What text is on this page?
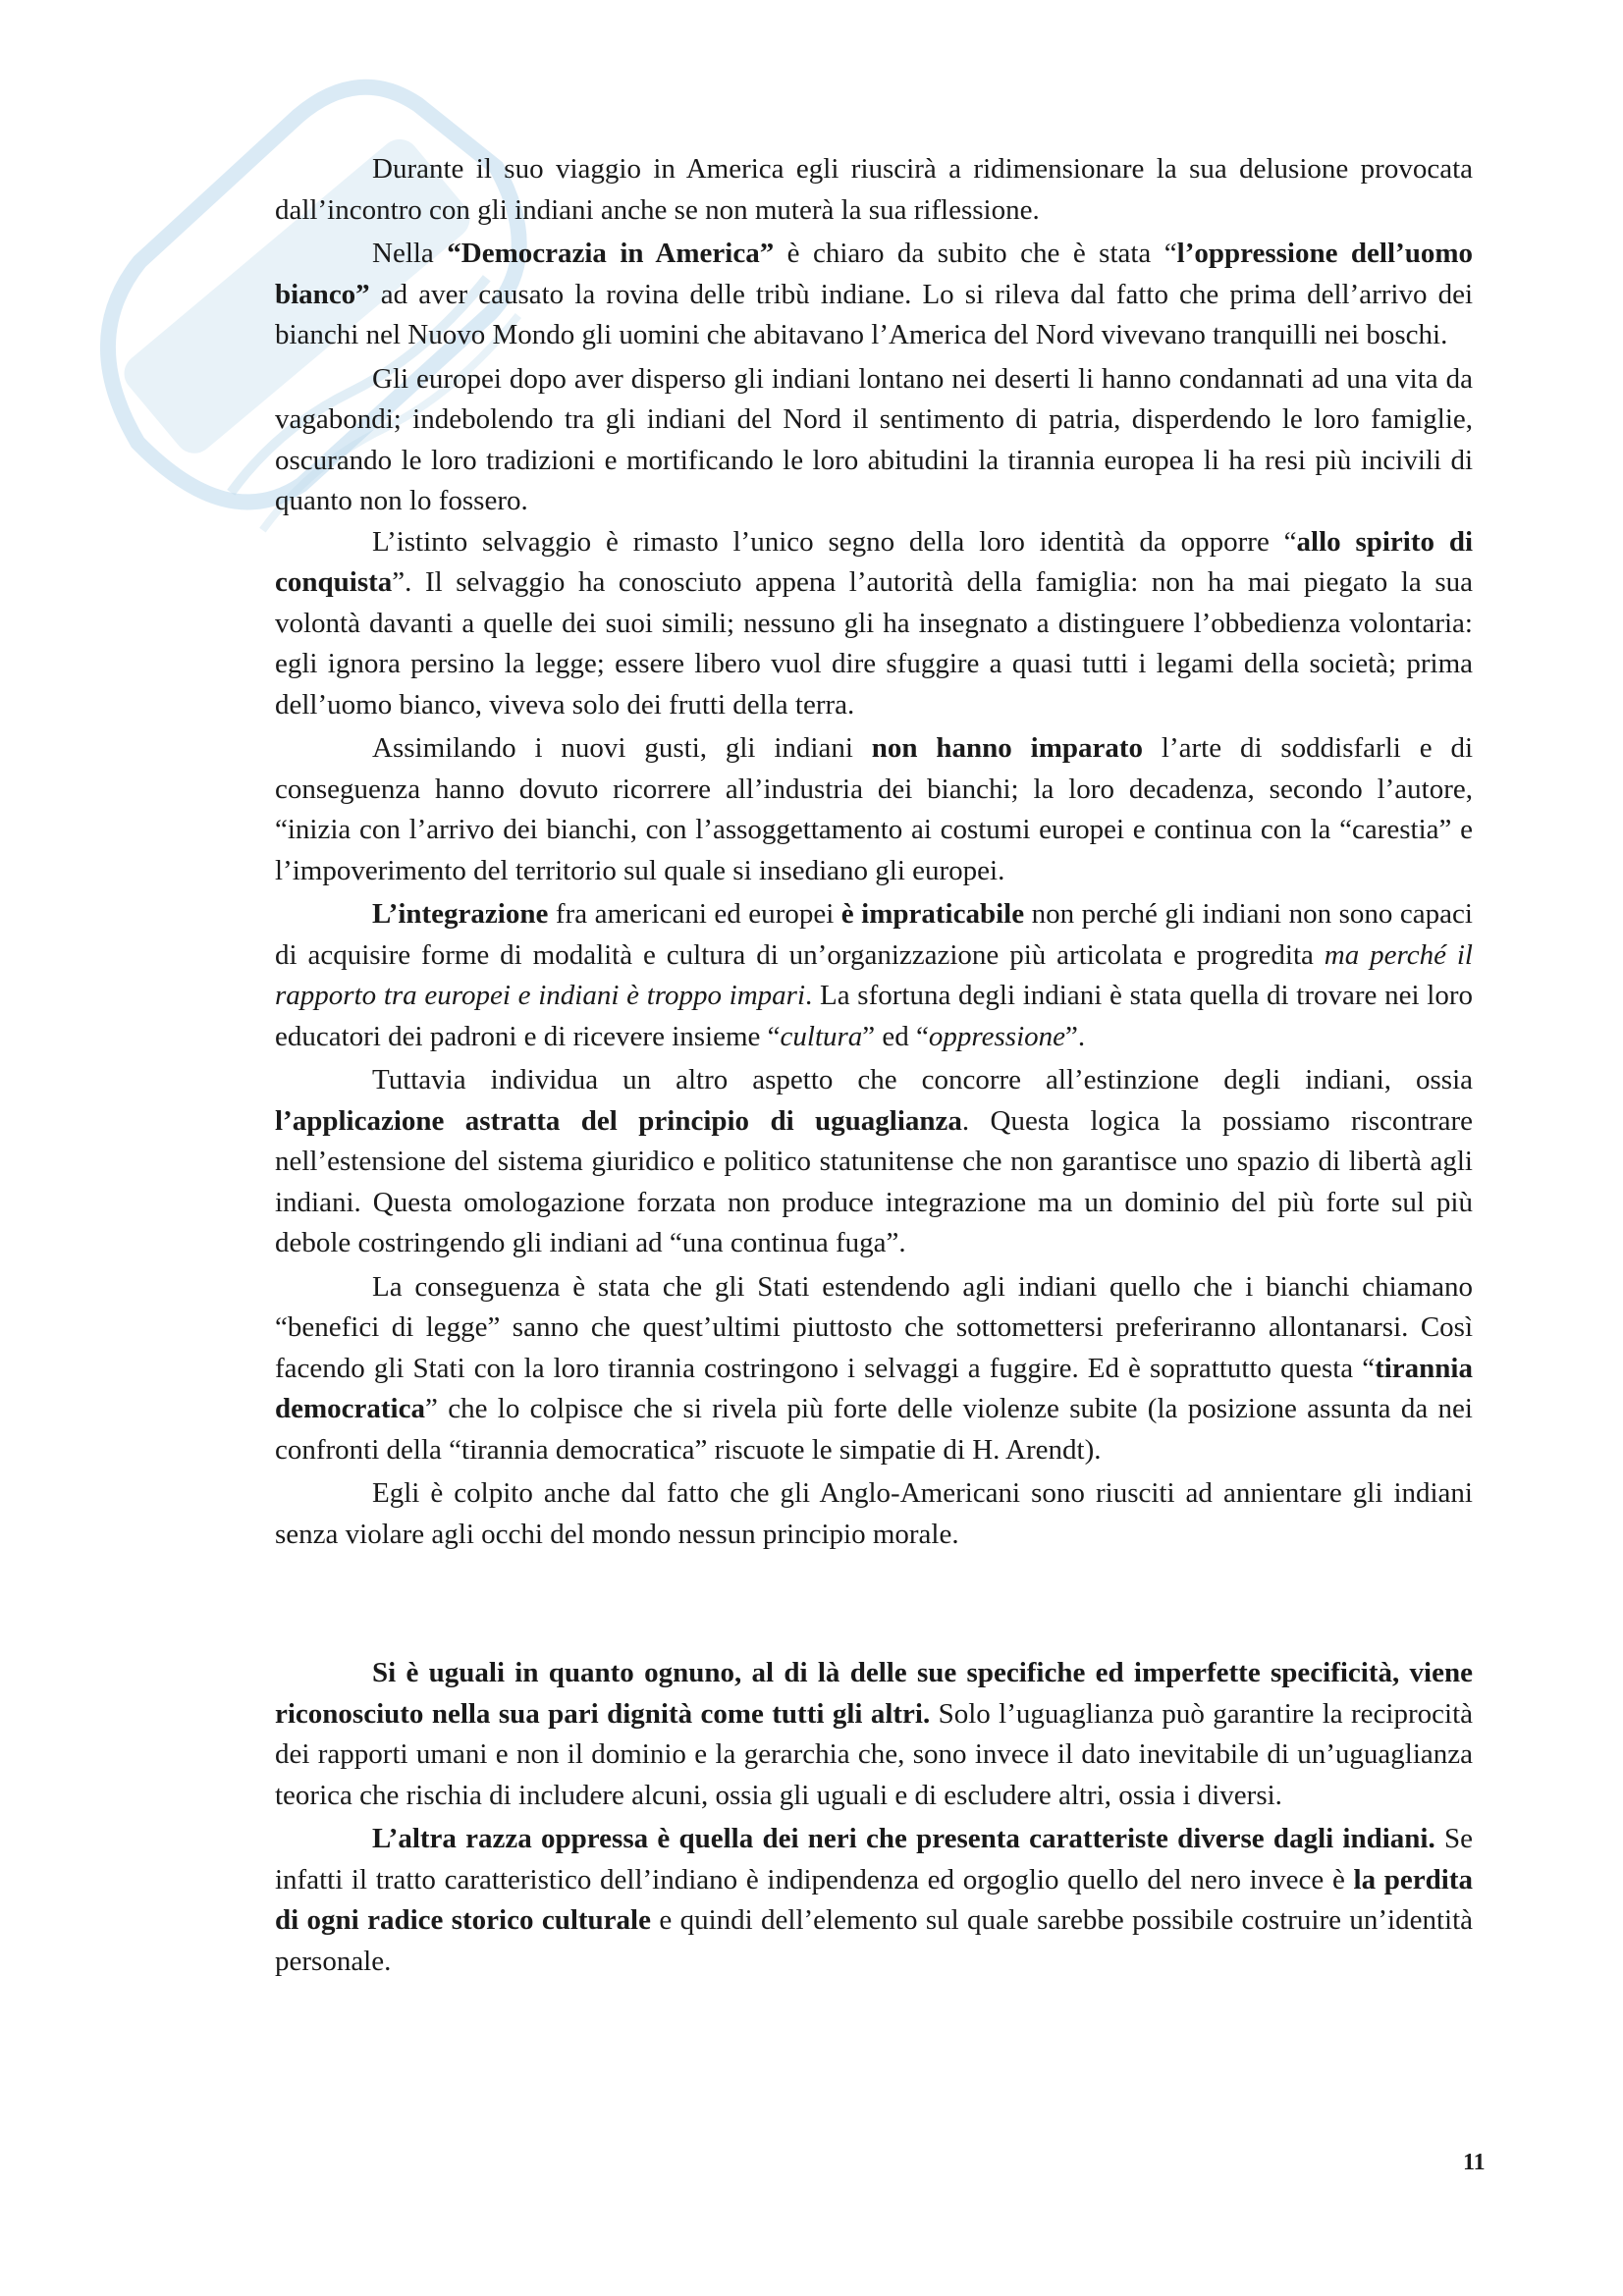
Durante il suo viaggio in America egli riuscirà a ridimensionare la sua delusione provocata dall’incontro con gli indiani anche se non muterà la sua riflessione.

Nella “Democrazia in America” è chiaro da subito che è stata “l’oppressione dell’uomo bianco” ad aver causato la rovina delle tribù indiane. Lo si rileva dal fatto che prima dell’arrivo dei bianchi nel Nuovo Mondo gli uomini che abitavano l’America del Nord vivevano tranquilli nei boschi.

Gli europei dopo aver disperso gli indiani lontano nei deserti li hanno condannati ad una vita da vagabondi; indebolendo tra gli indiani del Nord il sentimento di patria, disperdendo le loro famiglie, oscurando le loro tradizioni e mortificando le loro abitudini la tirannia europea li ha resi più incivili di quanto non lo fossero.

L’istinto selvaggio è rimasto l’unico segno della loro identità da opporre “allo spirito di conquista”. Il selvaggio ha conosciuto appena l’autorità della famiglia: non ha mai piegato la sua volontà davanti a quelle dei suoi simili; nessuno gli ha insegnato a distinguere l’obbedienza volontaria: egli ignora persino la legge; essere libero vuol dire sfuggire a quasi tutti i legami della società; prima dell’uomo bianco, viveva solo dei frutti della terra.

Assimilando i nuovi gusti, gli indiani non hanno imparato l’arte di soddisfarli e di conseguenza hanno dovuto ricorrere all’industria dei bianchi; la loro decadenza, secondo l’autore, “inizia con l’arrivo dei bianchi, con l’assoggettamento ai costumi europei e continua con la “carestia” e l’impoverimento del territorio sul quale si insediano gli europei.

L’integrazione fra americani ed europei è impraticabile non perché gli indiani non sono capaci di acquisire forme di modalità e cultura di un’organizzazione più articolata e progredita ma perché il rapporto tra europei e indiani è troppo impari. La sfortuna degli indiani è stata quella di trovare nei loro educatori dei padroni e di ricevere insieme “cultura” ed “oppressione”.

Tuttavia individua un altro aspetto che concorre all’estinzione degli indiani, ossia l’applicazione astratta del principio di uguaglianza. Questa logica la possiamo riscontrare nell’estensione del sistema giuridico e politico statunitense che non garantisce uno spazio di libertà agli indiani. Questa omologazione forzata non produce integrazione ma un dominio del più forte sul più debole costringendo gli indiani ad “una continua fuga”.

La conseguenza è stata che gli Stati estendendo agli indiani quello che i bianchi chiamano “benefici di legge” sanno che quest’ultimi piuttosto che sottomettersi preferiranno allontanarsi. Così facendo gli Stati con la loro tirannia costringono i selvaggi a fuggire. Ed è soprattutto questa “tirannia democratica” che lo colpisce che si rivela più forte delle violenze subite (la posizione assunta da nei confronti della “tirannia democratica” riscuote le simpatie di H. Arendt).

Egli è colpito anche dal fatto che gli Anglo-Americani sono riusciti ad annientare gli indiani senza violare agli occhi del mondo nessun principio morale.

Si è uguali in quanto ognuno, al di là delle sue specifiche ed imperfette specificità, viene riconosciuto nella sua pari dignità come tutti gli altri. Solo l’uguaglianza può garantire la reciprocità dei rapporti umani e non il dominio e la gerarchia che, sono invece il dato inevitabile di un’uguaglianza teorica che rischia di includere alcuni, ossia gli uguali e di escludere altri, ossia i diversi.

L’altra razza oppressa è quella dei neri che presenta caratteriste diverse dagli indiani. Se infatti il tratto caratteristico dell’indiano è indipendenza ed orgoglio quello del nero invece è la perdita di ogni radice storico culturale e quindi dell’elemento sul quale sarebbe possibile costruire un’identità personale.

11
